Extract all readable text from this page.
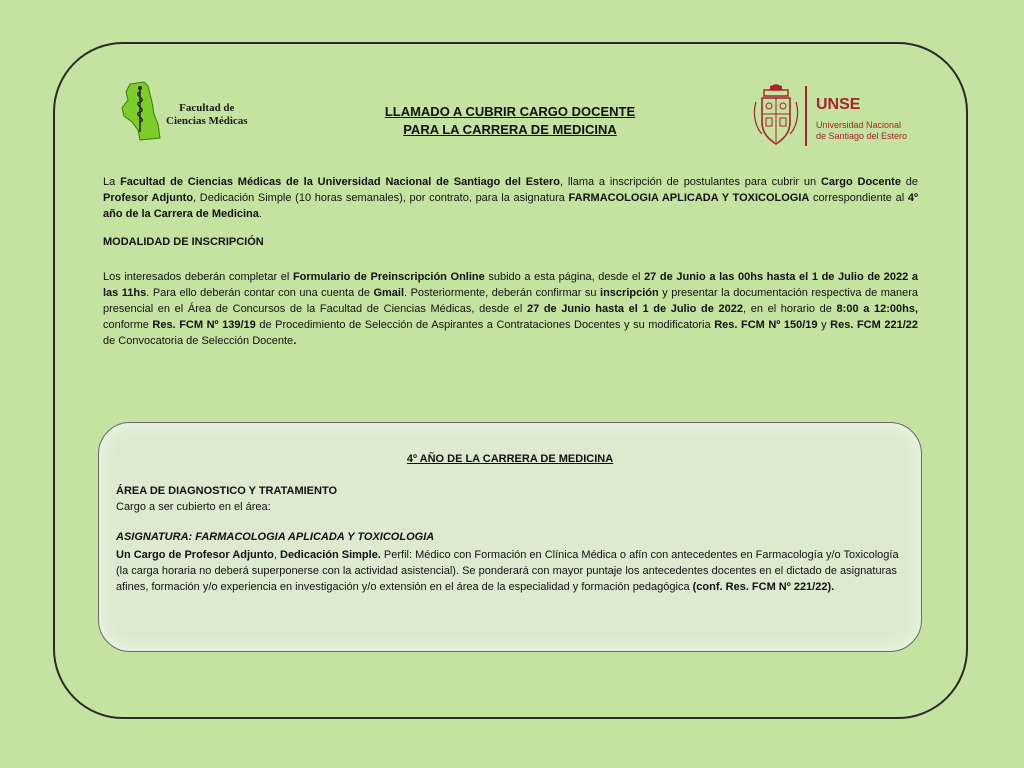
Facultad de
Ciencias Médicas
LLAMADO A CUBRIR CARGO DOCENTE
PARA LA CARRERA DE MEDICINA
UNSE
Universidad Nacional
de Santiago del Estero

La Facultad de Ciencias Médicas de la Universidad Nacional de Santiago del Estero, llama a inscripción de postulantes para cubrir un Cargo Docente de Profesor Adjunto, Dedicación Simple (10 horas semanales), por contrato, para la asignatura FARMACOLOGIA APLICADA Y TOXICOLOGIA correspondiente al 4º año de la Carrera de Medicina.

MODALIDAD DE INSCRIPCIÓN

Los interesados deberán completar el Formulario de Preinscripción Online subido a esta página, desde el 27 de Junio a las 00hs hasta el 1 de Julio de 2022 a las 11hs. Para ello deberán contar con una cuenta de Gmail. Posteriormente, deberán confirmar su inscripción y presentar la documentación respectiva de manera presencial en el Área de Concursos de la Facultad de Ciencias Médicas, desde el 27 de Junio hasta el 1 de Julio de 2022, en el horario de 8:00 a 12:00hs, conforme Res. FCM Nº 139/19 de Procedimiento de Selección de Aspirantes a Contrataciones Docentes y su modificatoria Res. FCM Nº 150/19 y Res. FCM 221/22 de Convocatoria de Selección Docente.

4º AÑO DE LA CARRERA DE MEDICINA
ÁREA DE DIAGNOSTICO Y TRATAMIENTO
Cargo a ser cubierto en el área:
ASIGNATURA: FARMACOLOGIA APLICADA Y TOXICOLOGIA

Un Cargo de Profesor Adjunto, Dedicación Simple. Perfil: Médico con Formación en Clínica Médica o afín con antecedentes en Farmacología y/o Toxicología (la carga horaria no deberá superponerse con la actividad asistencial). Se ponderará con mayor puntaje los antecedentes docentes en el dictado de asignaturas afines, formación y/o experiencia en investigación y/o extensión en el área de la especialidad y formación pedagógica (conf. Res. FCM Nº 221/22).
